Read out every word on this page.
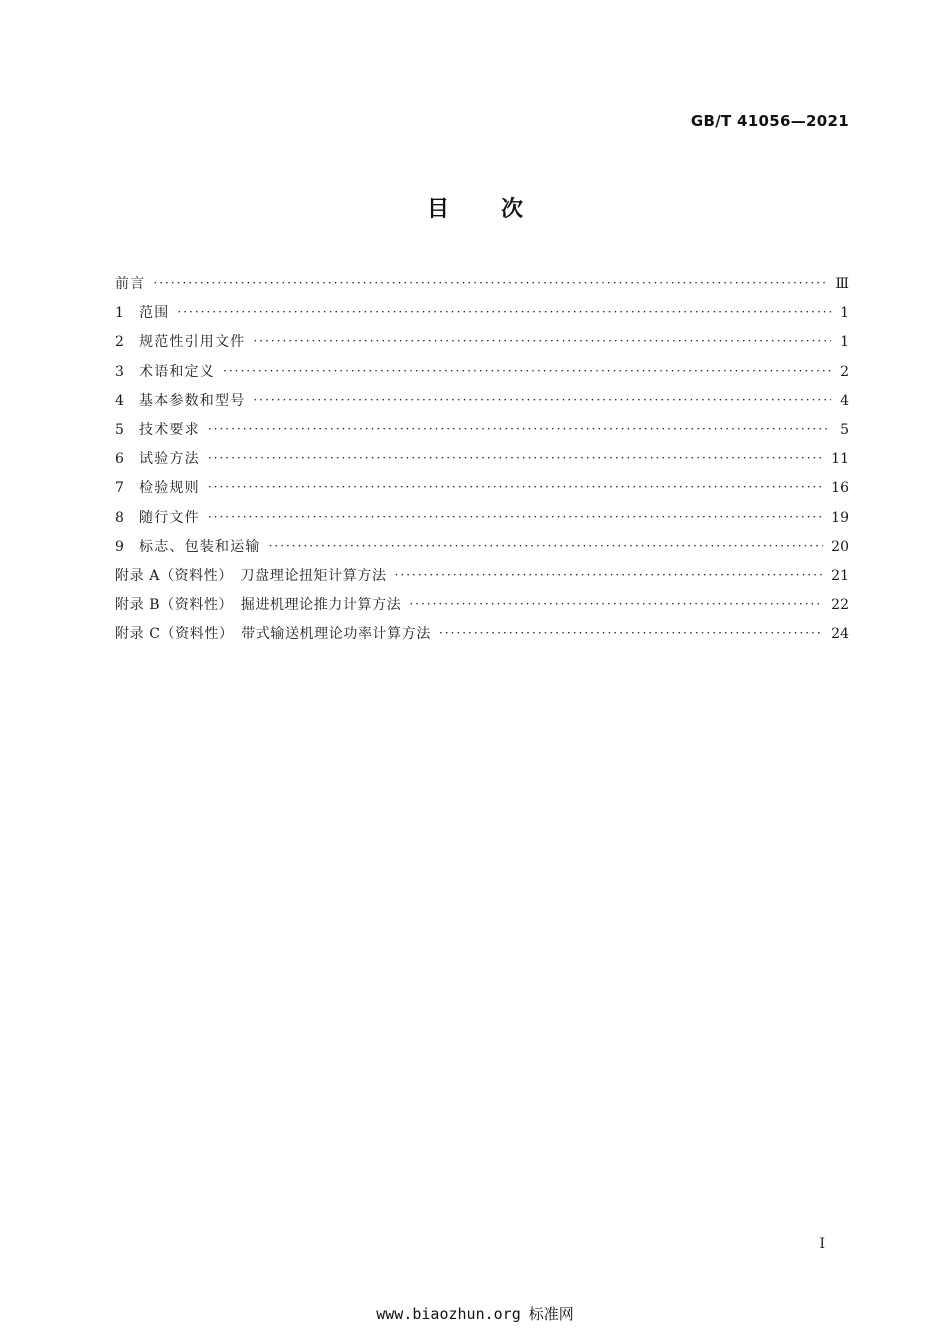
GB/T 41056—2021
目次
前言 ·····	Ⅲ
1	范围 ·····	1
2	规范性引用文件 ·····	1
3	术语和定义 ·····	2
4	基本参数和型号 ·····	4
5	技术要求 ·····	5
6	试验方法 ·····	11
7	检验规则 ·····	16
8	随行文件 ·····	19
9	标志、包装和运输 ·····	20
附录 A（资料性）　刀盘理论扭矩计算方法 ·····	21
附录 B（资料性）　掘进机理论推力计算方法 ·····	22
附录 C（资料性）　带式输送机理论功率计算方法 ·····	24
I
www.biaozhun.org 标准网
